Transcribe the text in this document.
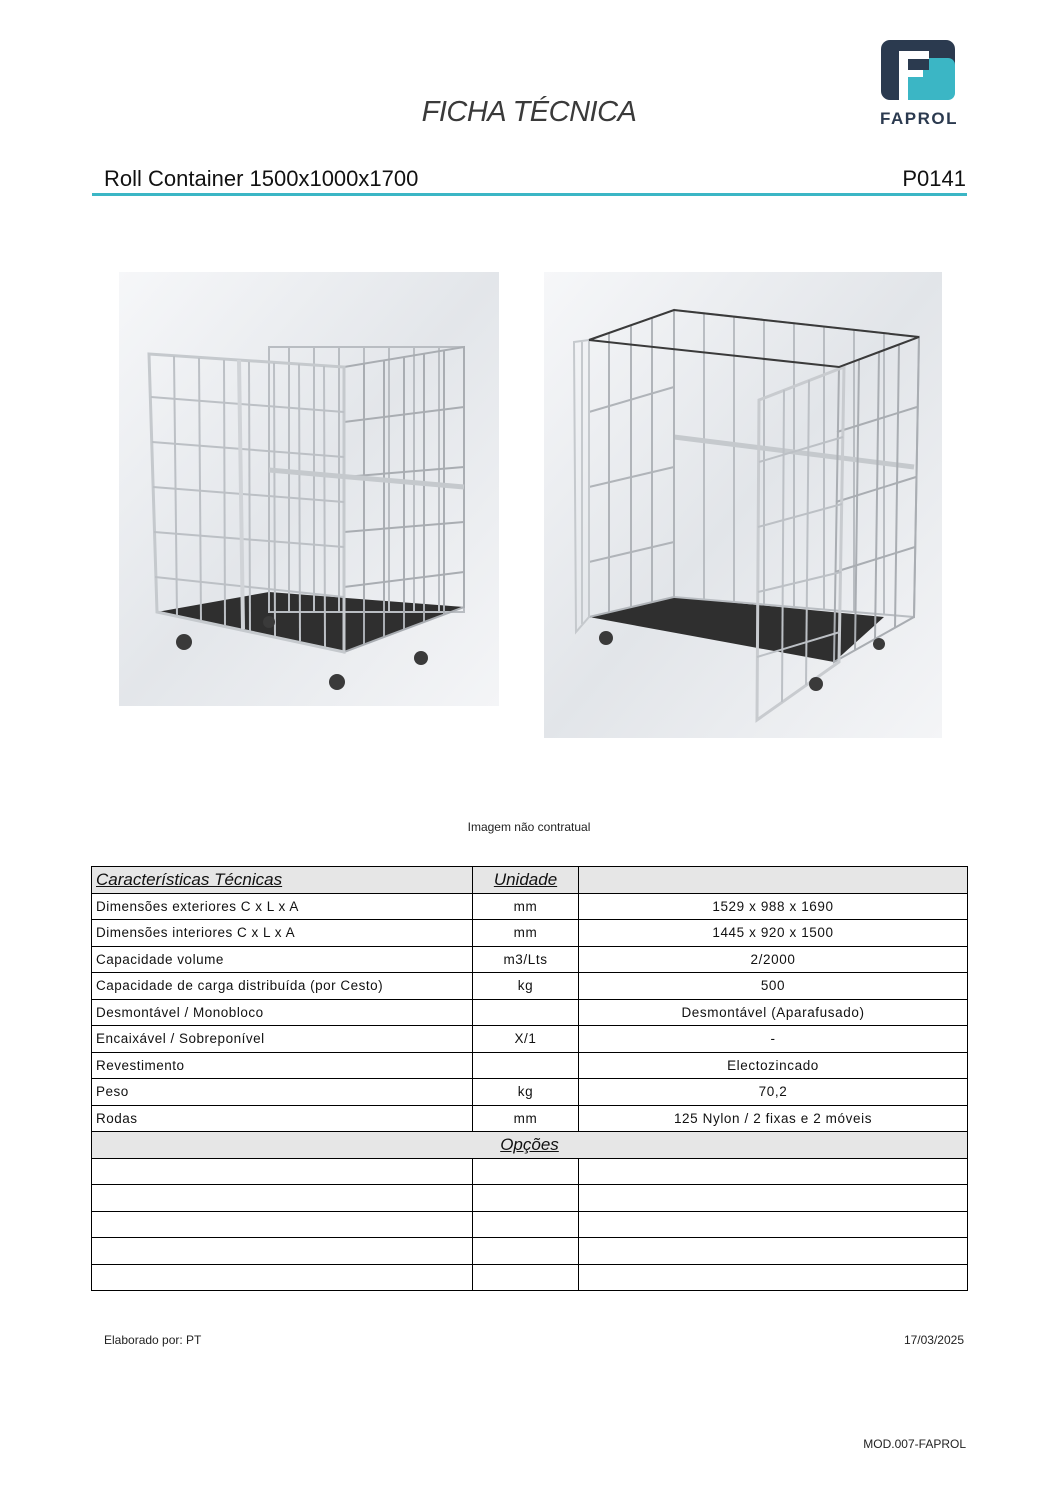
FICHA TÉCNICA	FAPROL
Roll Container 1500x1000x1700	P0141
Imagem não contratual
Características Técnicas	Unidade	
Dimensões exteriores C x L x A	mm	1529 x 988 x 1690
Dimensões interiores C x L x A	mm	1445 x 920 x 1500
Capacidade volume	m3/Lts	2/2000
Capacidade de carga distribuída (por Cesto)	kg	500
Desmontável / Monobloco		Desmontável (Aparafusado)
Encaixável / Sobreponível	X/1	-
Revestimento		Electozincado
Peso	kg	70,2
Rodas	mm	125 Nylon / 2 fixas e 2 móveis
Opções		

Elaborado por: PT	17/03/2025
MOD.007-FAPROL
